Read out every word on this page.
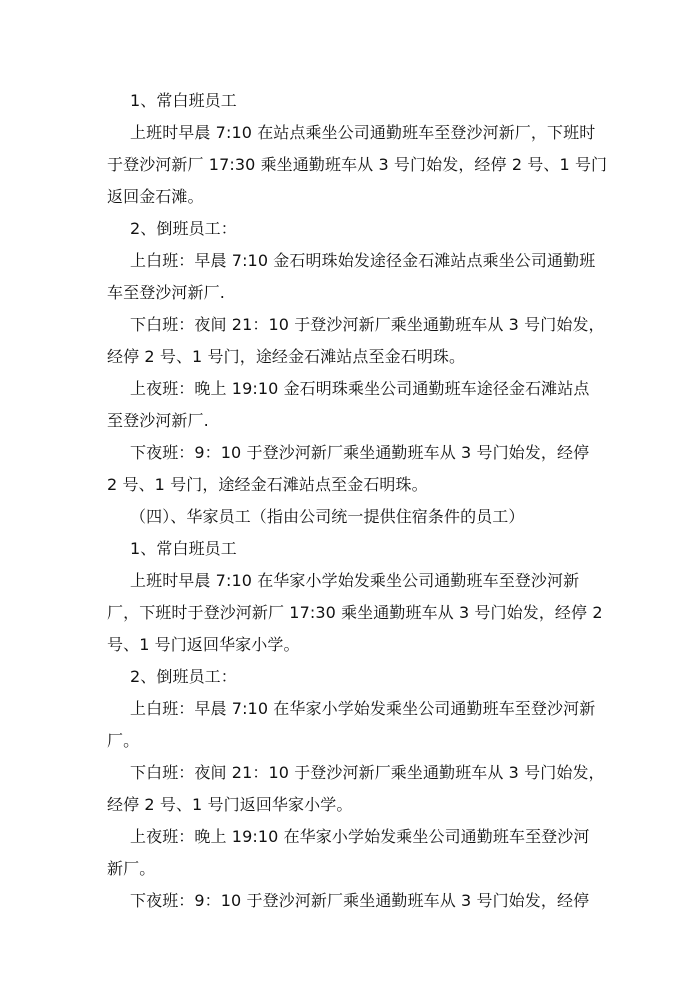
1、常白班员工
上班时早晨 7:10 在站点乘坐公司通勤班车至登沙河新厂，下班时
于登沙河新厂 17:30 乘坐通勤班车从 3 号门始发，经停 2 号、1 号门
返回金石滩。
2、倒班员工：
上白班：早晨 7:10 金石明珠始发途径金石滩站点乘坐公司通勤班
车至登沙河新厂.
下白班：夜间 21：10 于登沙河新厂乘坐通勤班车从 3 号门始发，
经停 2 号、1 号门，途经金石滩站点至金石明珠。
上夜班：晚上 19:10 金石明珠乘坐公司通勤班车途径金石滩站点
至登沙河新厂.
下夜班：9：10 于登沙河新厂乘坐通勤班车从 3 号门始发，经停
2 号、1 号门，途经金石滩站点至金石明珠。
（四）、华家员工（指由公司统一提供住宿条件的员工）
1、常白班员工
上班时早晨 7:10 在华家小学始发乘坐公司通勤班车至登沙河新
厂，下班时于登沙河新厂 17:30 乘坐通勤班车从 3 号门始发，经停 2
号、1 号门返回华家小学。
2、倒班员工：
上白班：早晨 7:10 在华家小学始发乘坐公司通勤班车至登沙河新
厂。
下白班：夜间 21：10 于登沙河新厂乘坐通勤班车从 3 号门始发，
经停 2 号、1 号门返回华家小学。
上夜班：晚上 19:10 在华家小学始发乘坐公司通勤班车至登沙河
新厂。
下夜班：9：10 于登沙河新厂乘坐通勤班车从 3 号门始发，经停
